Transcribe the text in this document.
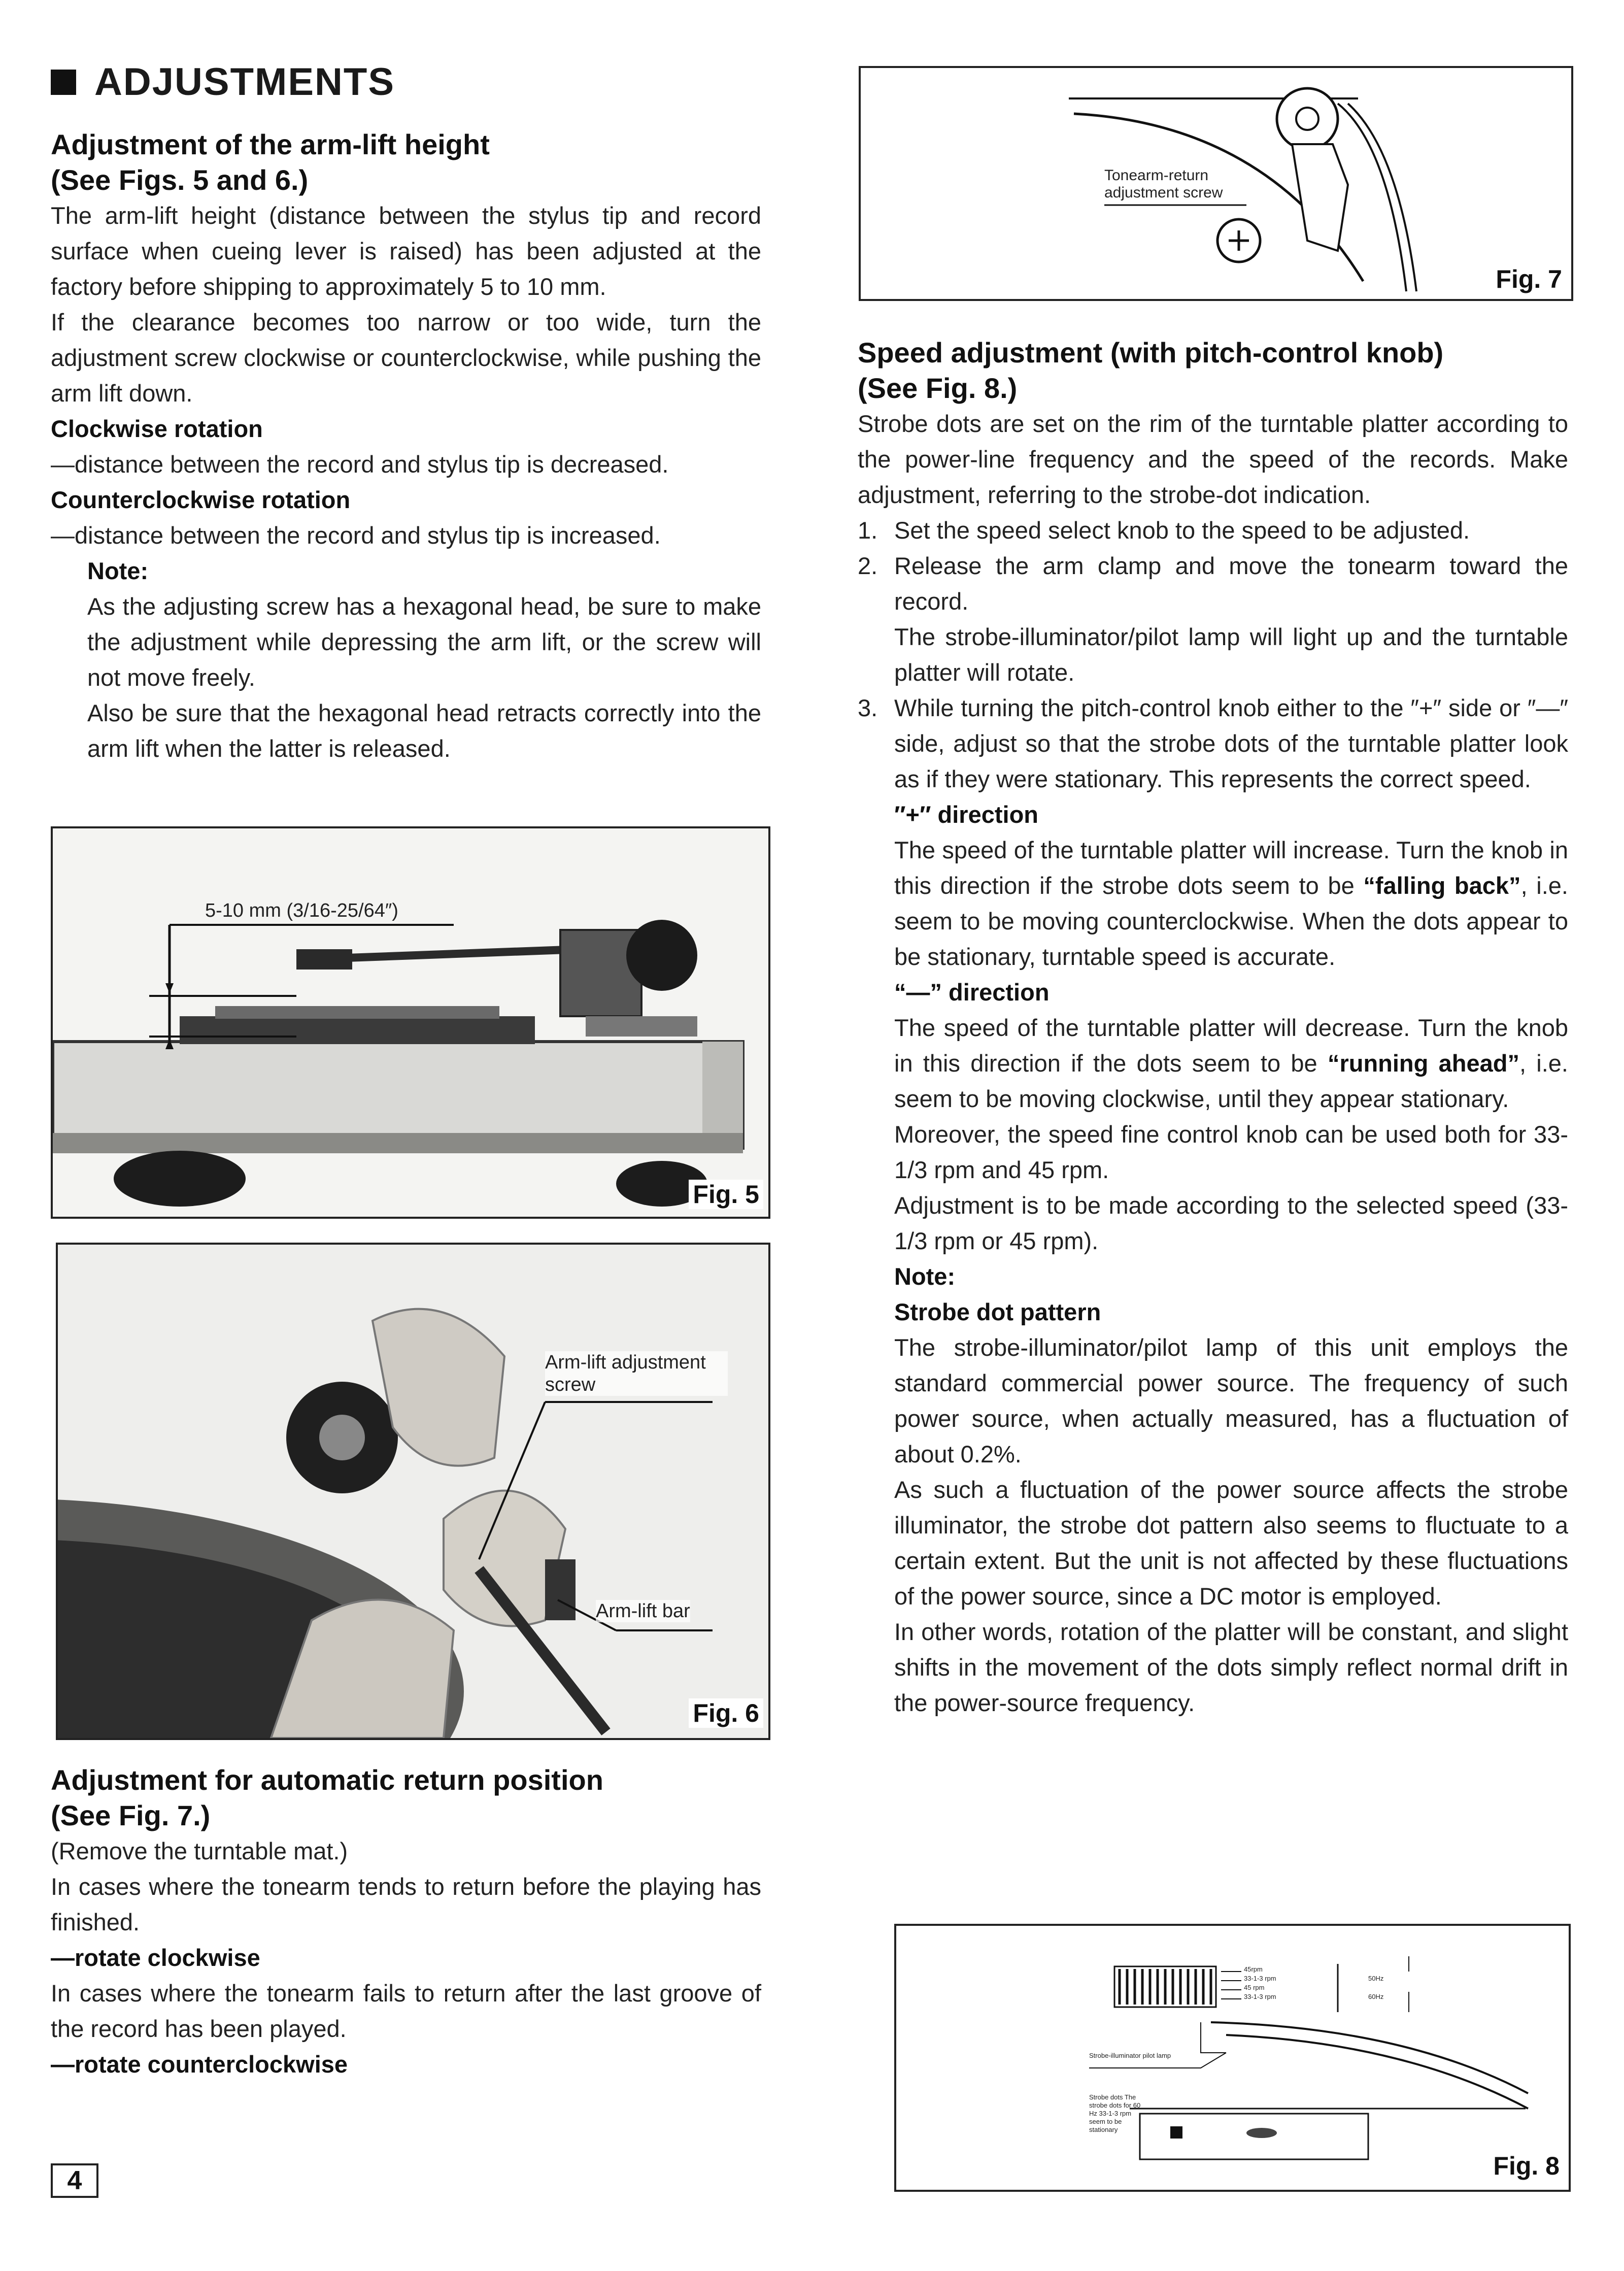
ADJUSTMENTS

Adjustment of the arm-lift height

(See Figs. 5 and 6.)

The arm-lift height (distance between the stylus tip and record surface when cueing lever is raised) has been adjusted at the factory before shipping to approximately 5 to 10 mm.

If the clearance becomes too narrow or too wide, turn the adjustment screw clockwise or counterclockwise, while pushing the arm lift down.

Clockwise rotation

—distance between the record and stylus tip is decreased.

Counterclockwise rotation

—distance between the record and stylus tip is increased.

Note:

As the adjusting screw has a hexagonal head, be sure to make the adjustment while depressing the arm lift, or the screw will not move freely.

Also be sure that the hexagonal head retracts correctly into the arm lift when the latter is released.

5-10 mm (3/16-25/64″)
Fig. 5
Arm-lift adjustment screw
Arm-lift bar
Fig. 6

Adjustment for automatic return position

(See Fig. 7.)

(Remove the turntable mat.)

In cases where the tonearm tends to return before the playing has finished.

—rotate clockwise

In cases where the tonearm fails to return after the last groove of the record has been played.

—rotate counterclockwise

4
Tonearm-return adjustment screw
Fig. 7

Speed adjustment (with pitch-control knob)

(See Fig. 8.)

Strobe dots are set on the rim of the turntable platter according to the power-line frequency and the speed of the records. Make adjustment, referring to the strobe-dot indication.

1. Set the speed select knob to the speed to be adjusted.
2. Release the arm clamp and move the tonearm toward the record.

The strobe-illuminator/pilot lamp will light up and the turntable platter will rotate.

3. While turning the pitch-control knob either to the ″+″ side or ″—″ side, adjust so that the strobe dots of the turntable platter look as if they were stationary. This represents the correct speed.

″+″ direction

The speed of the turntable platter will increase. Turn the knob in this direction if the strobe dots seem to be “falling back”, i.e. seem to be moving counterclockwise. When the dots appear to be stationary, turntable speed is accurate.

“—” direction

The speed of the turntable platter will decrease. Turn the knob in this direction if the dots seem to be “running ahead”, i.e. seem to be moving clockwise, until they appear stationary.

Moreover, the speed fine control knob can be used both for 33-1/3 rpm and 45 rpm.

Adjustment is to be made according to the selected speed (33-1/3 rpm or 45 rpm).

Note:

Strobe dot pattern

The strobe-illuminator/pilot lamp of this unit employs the standard commercial power source. The frequency of such power source, when actually measured, has a fluctuation of about 0.2%.

As such a fluctuation of the power source affects the strobe illuminator, the strobe dot pattern also seems to fluctuate to a certain extent. But the unit is not affected by these fluctuations of the power source, since a DC motor is employed.

In other words, rotation of the platter will be constant, and slight shifts in the movement of the dots simply reflect normal drift in the power-source frequency.

45rpm
33-1-3 rpm
45 rpm
33-1-3 rpm
50Hz
60Hz
Strobe-illuminator pilot lamp
Strobe dots The strobe dots for 60 Hz 33-1-3 rpm seem to be stationary
Fig. 8
